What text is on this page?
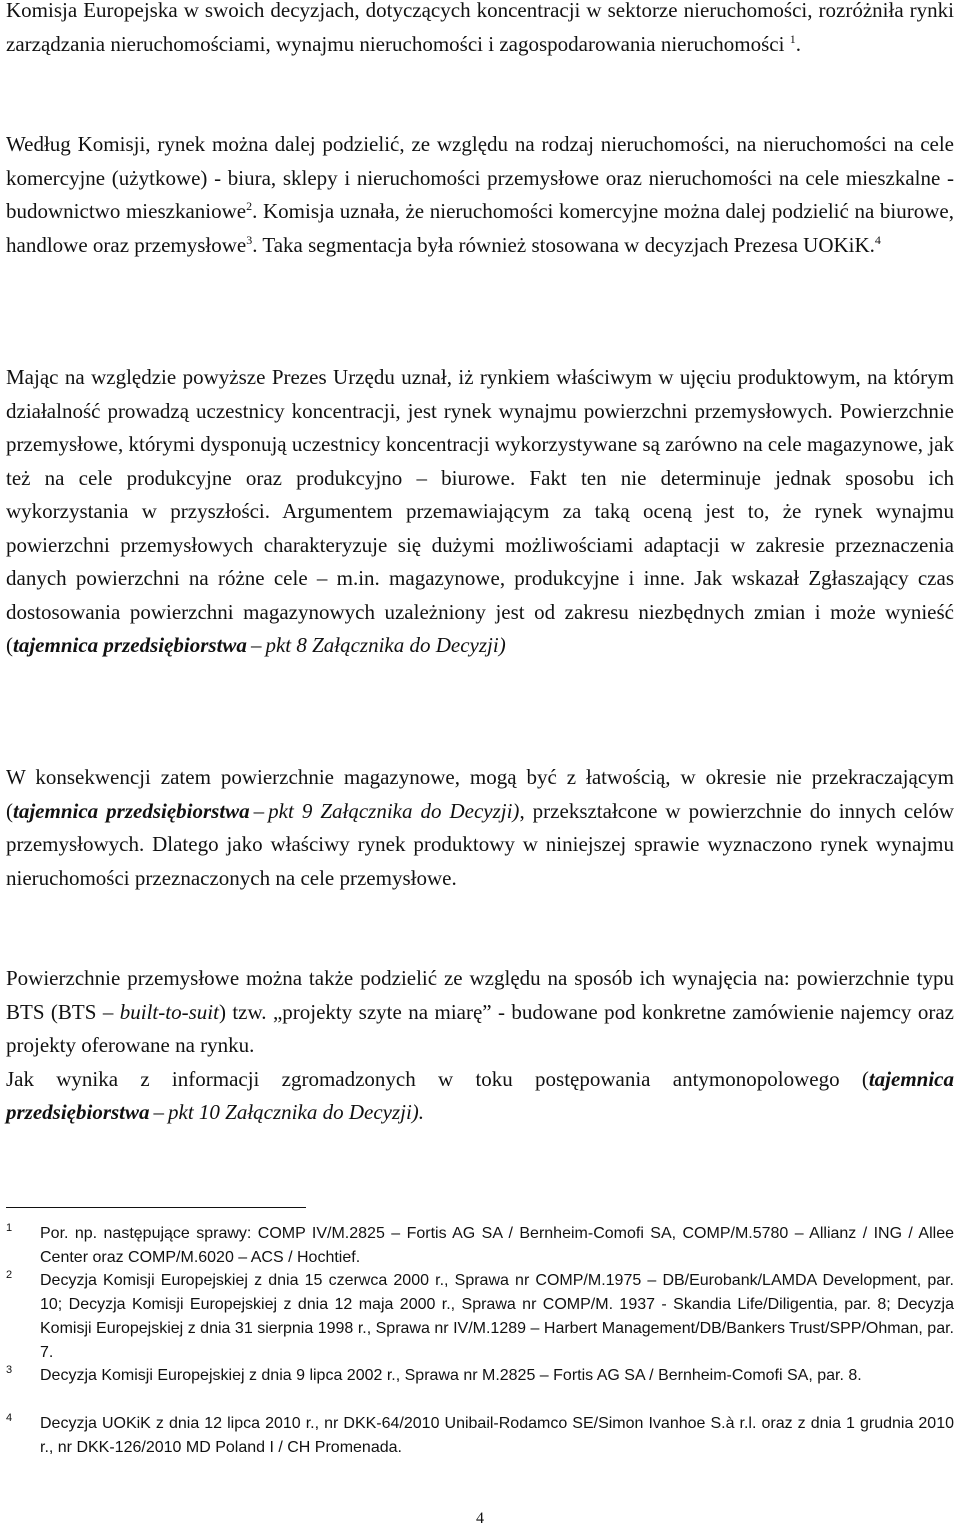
Komisja Europejska w swoich decyzjach, dotyczących koncentracji w sektorze nieruchomości, rozróżniła rynki zarządzania nieruchomościami, wynajmu nieruchomości i zagospodarowania nieruchomości $^1$.

Według Komisji, rynek można dalej podzielić, ze względu na rodzaj nieruchomości, na nieruchomości na cele komercyjne (użytkowe) - biura, sklepy i nieruchomości przemysłowe oraz nieruchomości na cele mieszkalne - budownictwo mieszkaniowe$^2$. Komisja uznała, że nieruchomości komercyjne można dalej podzielić na biurowe, handlowe oraz przemysłowe$^3$. Taka segmentacja była również stosowana w decyzjach Prezesa UOKiK.$^4$

Mając na względzie powyższe Prezes Urzędu uznał, iż rynkiem właściwym w ujęciu produktowym, na którym działalność prowadzą uczestnicy koncentracji, jest rynek wynajmu powierzchni przemysłowych. Powierzchnie przemysłowe, którymi dysponują uczestnicy koncentracji wykorzystywane są zarówno na cele magazynowe, jak też na cele produkcyjne oraz produkcyjno – biurowe. Fakt ten nie determinuje jednak sposobu ich wykorzystania w przyszłości. Argumentem przemawiającym za taką oceną jest to, że rynek wynajmu powierzchni przemysłowych charakteryzuje się dużymi możliwościami adaptacji w zakresie przeznaczenia danych powierzchni na różne cele – m.in. magazynowe, produkcyjne i inne. Jak wskazał Zgłaszający czas dostosowania powierzchni magazynowych uzależniony jest od zakresu niezbędnych zmian i może wynieść (tajemnica przedsiębiorstwa – pkt 8 Załącznika do Decyzji)

W konsekwencji zatem powierzchnie magazynowe, mogą być z łatwością, w okresie nie przekraczającym (tajemnica przedsiębiorstwa – pkt 9 Załącznika do Decyzji), przekształcone w powierzchnie do innych celów przemysłowych. Dlatego jako właściwy rynek produktowy w niniejszej sprawie wyznaczono rynek wynajmu nieruchomości przeznaczonych na cele przemysłowe.

Powierzchnie przemysłowe można także podzielić ze względu na sposób ich wynajęcia na: powierzchnie typu BTS (BTS – built-to-suit) tzw. „projekty szyte na miarę” - budowane pod konkretne zamówienie najemcy oraz projekty oferowane na rynku.
Jak wynika z informacji zgromadzonych w toku postępowania antymonopolowego (tajemnica przedsiębiorstwa – pkt 10 Załącznika do Decyzji).

1 Por. np. następujące sprawy: COMP IV/M.2825 – Fortis AG SA / Bernheim-Comofi SA, COMP/M.5780 – Allianz / ING / Allee Center oraz COMP/M.6020 – ACS / Hochtief.
2 Decyzja Komisji Europejskiej z dnia 15 czerwca 2000 r., Sprawa nr COMP/M.1975 – DB/Eurobank/LAMDA Development, par. 10; Decyzja Komisji Europejskiej z dnia 12 maja 2000 r., Sprawa nr COMP/M. 1937 - Skandia Life/Diligentia, par. 8; Decyzja Komisji Europejskiej z dnia 31 sierpnia 1998 r., Sprawa nr IV/M.1289 – Harbert Management/DB/Bankers Trust/SPP/Ohman, par. 7.
3 Decyzja Komisji Europejskiej z dnia 9 lipca 2002 r., Sprawa nr M.2825 – Fortis AG SA / Bernheim-Comofi SA, par. 8.
4 Decyzja UOKiK z dnia 12 lipca 2010 r., nr DKK-64/2010 Unibail-Rodamco SE/Simon Ivanhoe S.à r.l. oraz z dnia 1 grudnia 2010 r., nr DKK-126/2010 MD Poland I / CH Promenada.
4
